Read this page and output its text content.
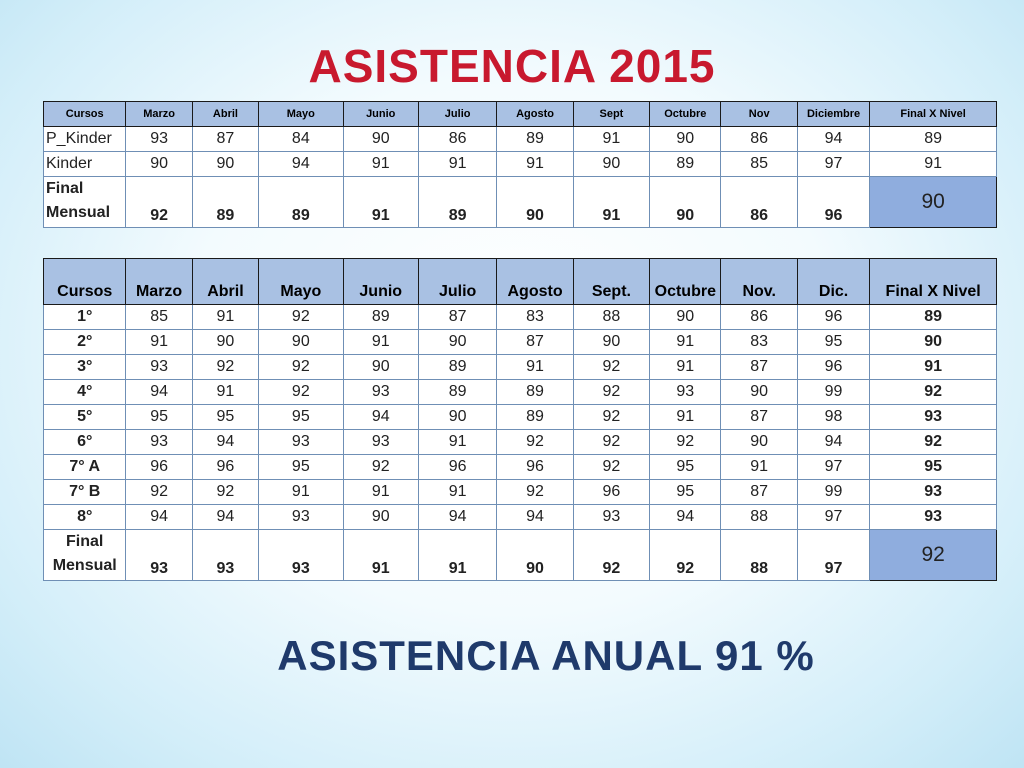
ASISTENCIA 2015
Cursos	Marzo	Abril	Mayo	Junio	Julio	Agosto	Sept	Octubre	Nov	Diciembre	Final X Nivel
P_Kinder	93	87	84	90	86	89	91	90	86	94	89
Kinder	90	90	94	91	91	91	90	89	85	97	91
Final Mensual	92	89	89	91	89	90	91	90	86	96	90
Cursos	Marzo	Abril	Mayo	Junio	Julio	Agosto	Sept.	Octubre	Nov.	Dic.	Final X Nivel
1°	85	91	92	89	87	83	88	90	86	96	89
2°	91	90	90	91	90	87	90	91	83	95	90
3°	93	92	92	90	89	91	92	91	87	96	91
4°	94	91	92	93	89	89	92	93	90	99	92
5°	95	95	95	94	90	89	92	91	87	98	93
6°	93	94	93	93	91	92	92	92	90	94	92
7° A	96	96	95	92	96	96	92	95	91	97	95
7° B	92	92	91	91	91	92	96	95	87	99	93
8°	94	94	93	90	94	94	93	94	88	97	93
Final Mensual	93	93	93	91	91	90	92	92	88	97	92
ASISTENCIA ANUAL 91 %
